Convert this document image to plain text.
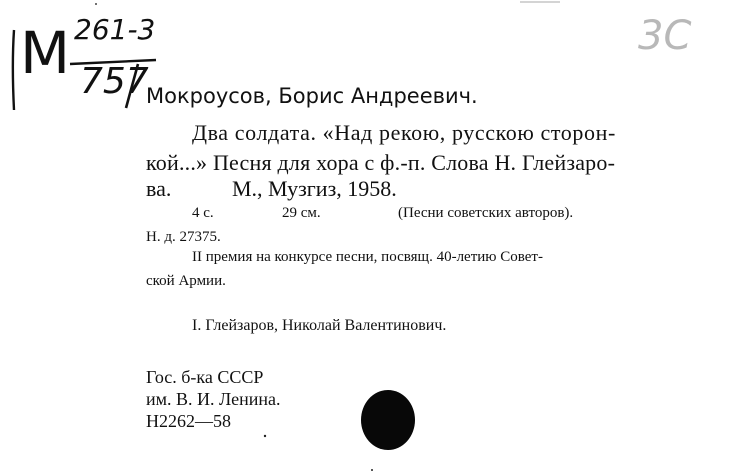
M 261-3
757
3С
Мокроусов, Борис Андреевич.
Два солдата. «Над рекою, русскою сторон-
кой...» Песня для хора с ф.-п. Слова Н. Глейзаро-
ва.	М., Музгиз, 1958.
4 с.	29 см.	(Песни советских авторов).
Н. д. 27375.
II премия на конкурсе песни, посвящ. 40-летию Совет-
ской Армии.
I. Глейзаров, Николай Валентинович.
Гос. б-ка СССР
им. В. И. Ленина.
Н2262—58
